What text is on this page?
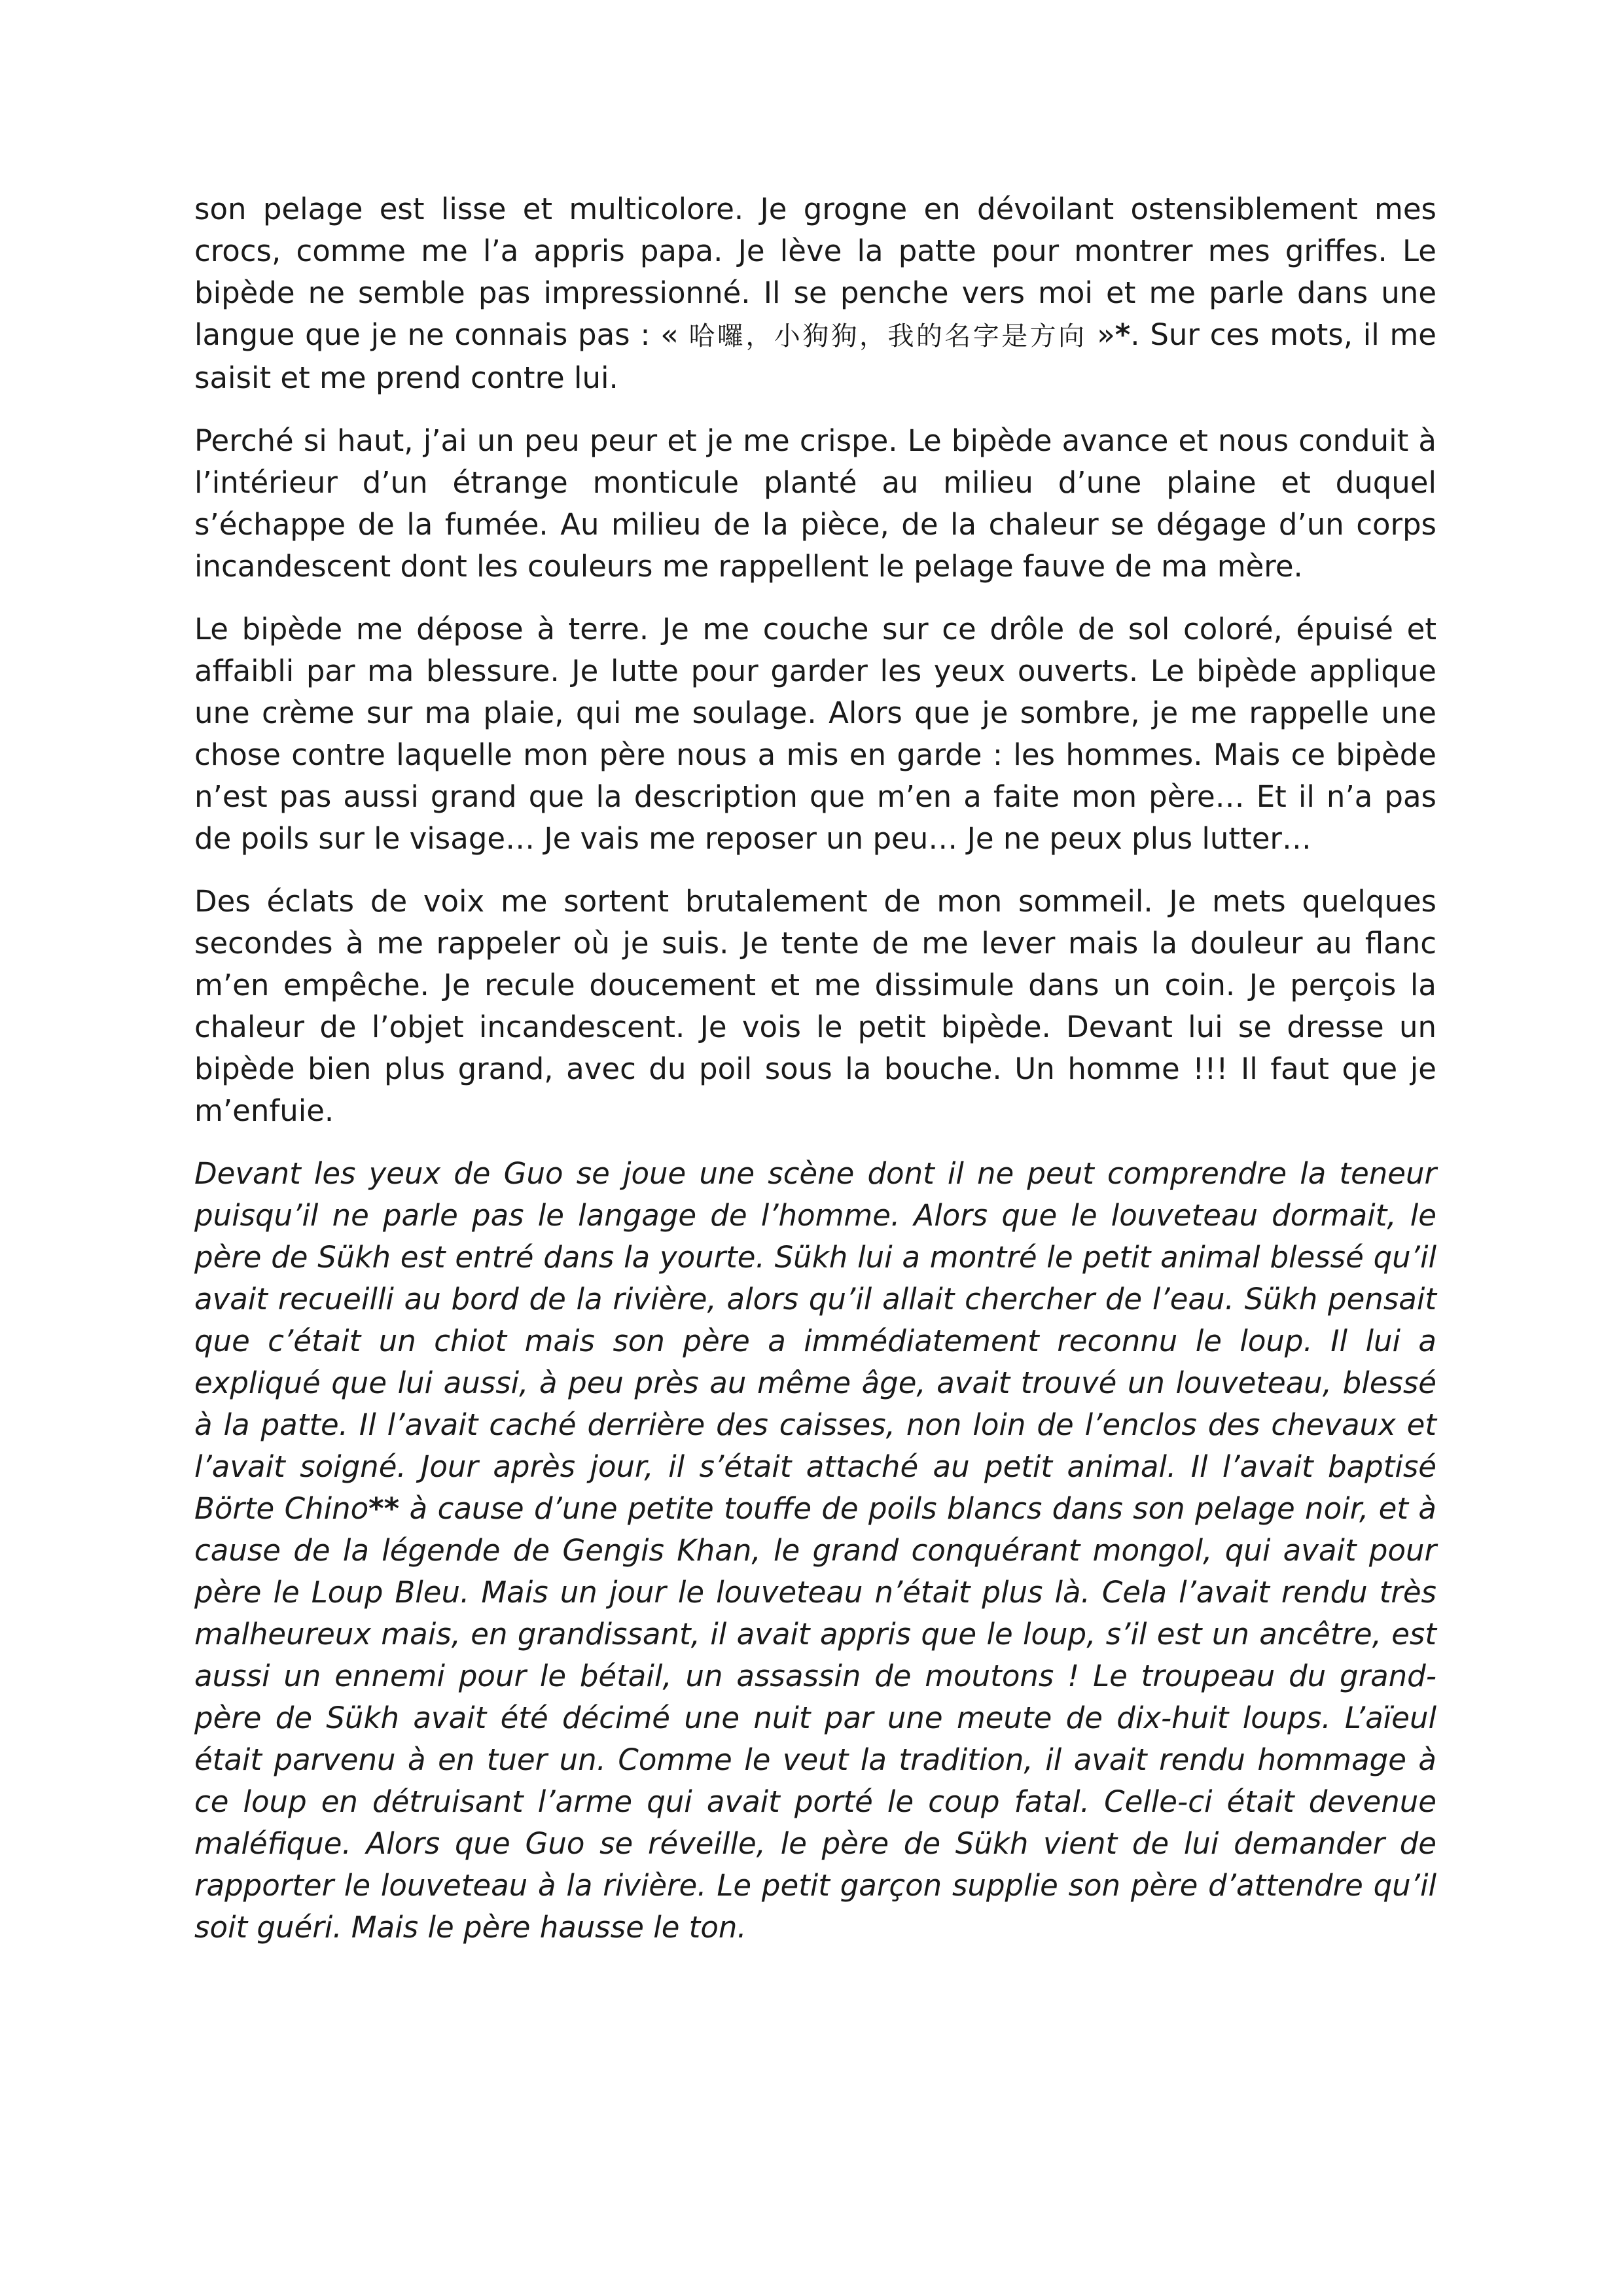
son pelage est lisse et multicolore. Je grogne en dévoilant ostensiblement mes crocs, comme me l’a appris papa. Je lève la patte pour montrer mes griffes. Le bipède ne semble pas impressionné. Il se penche vers moi et me parle dans une langue que je ne connais pas : « 哈囉，小狗狗，我的名字是方向 »*. Sur ces mots, il me saisit et me prend contre lui.

Perché si haut, j’ai un peu peur et je me crispe. Le bipède avance et nous conduit à l’intérieur d’un étrange monticule planté au milieu d’une plaine et duquel s’échappe de la fumée. Au milieu de la pièce, de la chaleur se dégage d’un corps incandescent dont les couleurs me rappellent le pelage fauve de ma mère.

Le bipède me dépose à terre. Je me couche sur ce drôle de sol coloré, épuisé et affaibli par ma blessure. Je lutte pour garder les yeux ouverts. Le bipède applique une crème sur ma plaie, qui me soulage. Alors que je sombre, je me rappelle une chose contre laquelle mon père nous a mis en garde : les hommes. Mais ce bipède n’est pas aussi grand que la description que m’en a faite mon père… Et il n’a pas de poils sur le visage… Je vais me reposer un peu… Je ne peux plus lutter…

Des éclats de voix me sortent brutalement de mon sommeil. Je mets quelques secondes à me rappeler où je suis. Je tente de me lever mais la douleur au flanc m’en empêche. Je recule doucement et me dissimule dans un coin. Je perçois la chaleur de l’objet incandescent. Je vois le petit bipède. Devant lui se dresse un bipède bien plus grand, avec du poil sous la bouche. Un homme !!! Il faut que je m’enfuie.

Devant les yeux de Guo se joue une scène dont il ne peut comprendre la teneur puisqu’il ne parle pas le langage de l’homme. Alors que le louveteau dormait, le père de Sükh est entré dans la yourte. Sükh lui a montré le petit animal blessé qu’il avait recueilli au bord de la rivière, alors qu’il allait chercher de l’eau. Sükh pensait que c’était un chiot mais son père a immédiatement reconnu le loup. Il lui a expliqué que lui aussi, à peu près au même âge, avait trouvé un louveteau, blessé à la patte. Il l’avait caché derrière des caisses, non loin de l’enclos des chevaux et l’avait soigné. Jour après jour, il s’était attaché au petit animal. Il l’avait baptisé Börte Chino** à cause d’une petite touffe de poils blancs dans son pelage noir, et à cause de la légende de Gengis Khan, le grand conquérant mongol, qui avait pour père le Loup Bleu. Mais un jour le louveteau n’était plus là. Cela l’avait rendu très malheureux mais, en grandissant, il avait appris que le loup, s’il est un ancêtre, est aussi un ennemi pour le bétail, un assassin de moutons ! Le troupeau du grand-père de Sükh avait été décimé une nuit par une meute de dix-huit loups. L’aïeul était parvenu à en tuer un. Comme le veut la tradition, il avait rendu hommage à ce loup en détruisant l’arme qui avait porté le coup fatal. Celle-ci était devenue maléfique. Alors que Guo se réveille, le père de Sükh vient de lui demander de rapporter le louveteau à la rivière. Le petit garçon supplie son père d’attendre qu’il soit guéri. Mais le père hausse le ton.
